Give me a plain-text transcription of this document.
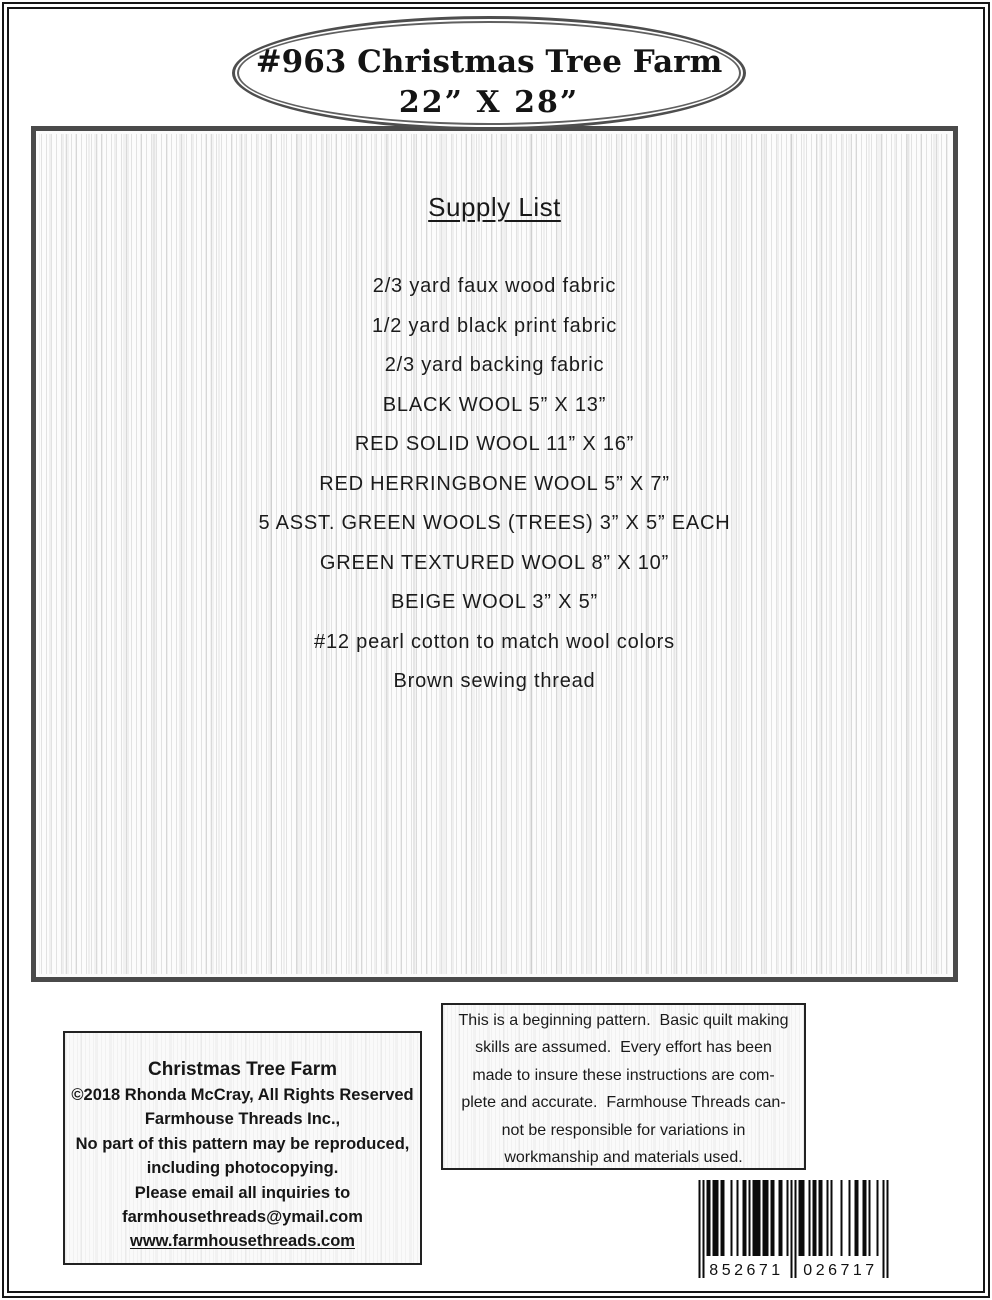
#963 Christmas Tree Farm
22” X 28”
Supply List
2/3 yard faux wood fabric
1/2 yard black print fabric
2/3 yard backing fabric
BLACK WOOL 5” X 13”
RED SOLID WOOL 11” X 16”
RED HERRINGBONE WOOL 5” X 7”
5 ASST. GREEN WOOLS (TREES) 3” X 5” EACH
GREEN TEXTURED WOOL 8” X 10”
BEIGE WOOL 3” X 5”
#12 pearl cotton to match wool colors
Brown sewing thread
Christmas Tree Farm
©2018 Rhonda McCray, All Rights Reserved
Farmhouse Threads Inc.,
No part of this pattern may be reproduced,
including photocopying.
Please email all inquiries to
farmhousethreads@ymail.com
www.farmhousethreads.com
This is a beginning pattern.  Basic quilt making
skills are assumed.  Every effort has been
made to insure these instructions are com-
plete and accurate.  Farmhouse Threads can-
not be responsible for variations in
workmanship and materials used.
852671 026717
